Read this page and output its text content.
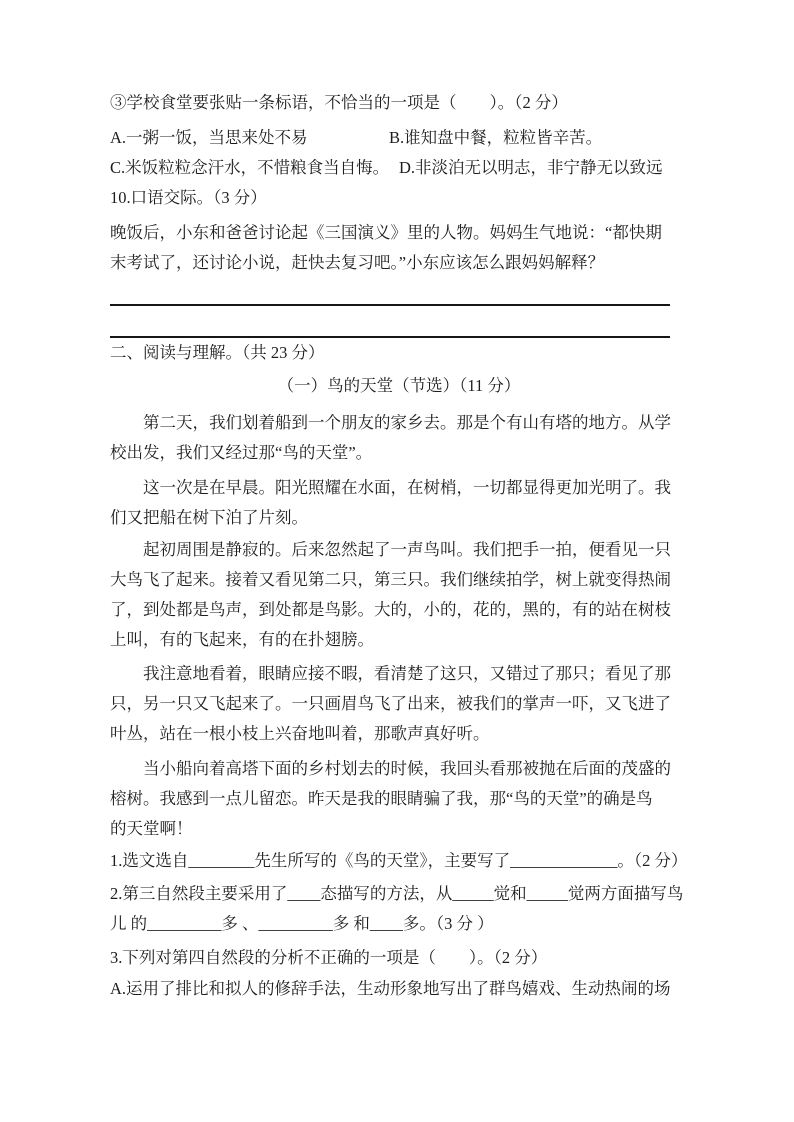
③学校食堂要张贴一条标语，不恰当的一项是（　　）。（2 分）
A.一粥一饭，当思来处不易	B.谁知盘中餐，粒粒皆辛苦。
C.米饭粒粒念汗水，不惜粮食当自悔。 D.非淡泊无以明志，非宁静无以致远
10.口语交际。（3 分）
晚饭后，小东和爸爸讨论起《三国演义》里的人物。妈妈生气地说：“都快期
末考试了，还讨论小说，赶快去复习吧。”小东应该怎么跟妈妈解释？
二、阅读与理解。（共 23 分）
（一）鸟的天堂（节选）（11 分）
第二天，我们划着船到一个朋友的家乡去。那是个有山有塔的地方。从学
校出发，我们又经过那“鸟的天堂”。
这一次是在早晨。阳光照耀在水面，在树梢，一切都显得更加光明了。我
们又把船在树下泊了片刻。
起初周围是静寂的。后来忽然起了一声鸟叫。我们把手一拍，便看见一只
大鸟飞了起来。接着又看见第二只，第三只。我们继续拍学，树上就变得热闹
了，到处都是鸟声，到处都是鸟影。大的，小的，花的，黑的，有的站在树枝
上叫，有的飞起来，有的在扑翅膀。
我注意地看着，眼睛应接不暇，看清楚了这只，又错过了那只；看见了那
只，另一只又飞起来了。一只画眉鸟飞了出来，被我们的掌声一吓，又飞进了
叶丛，站在一根小枝上兴奋地叫着，那歌声真好听。
当小船向着高塔下面的乡村划去的时候，我回头看那被抛在后面的茂盛的
榕树。我感到一点儿留恋。昨天是我的眼睛骗了我，那“鸟的天堂”的确是鸟
的天堂啊！
1.选文选自________先生所写的《鸟的天堂》，主要写了_____________。（2 分）
2.第三自然段主要采用了____态描写的方法，从_____觉和_____觉两方面描写鸟
儿 的_________多 、_________多 和____多。（3 分 ）
3.下列对第四自然段的分析不正确的一项是（　　）。（2 分）
A.运用了排比和拟人的修辞手法，生动形象地写出了群鸟嬉戏、生动热闹的场
